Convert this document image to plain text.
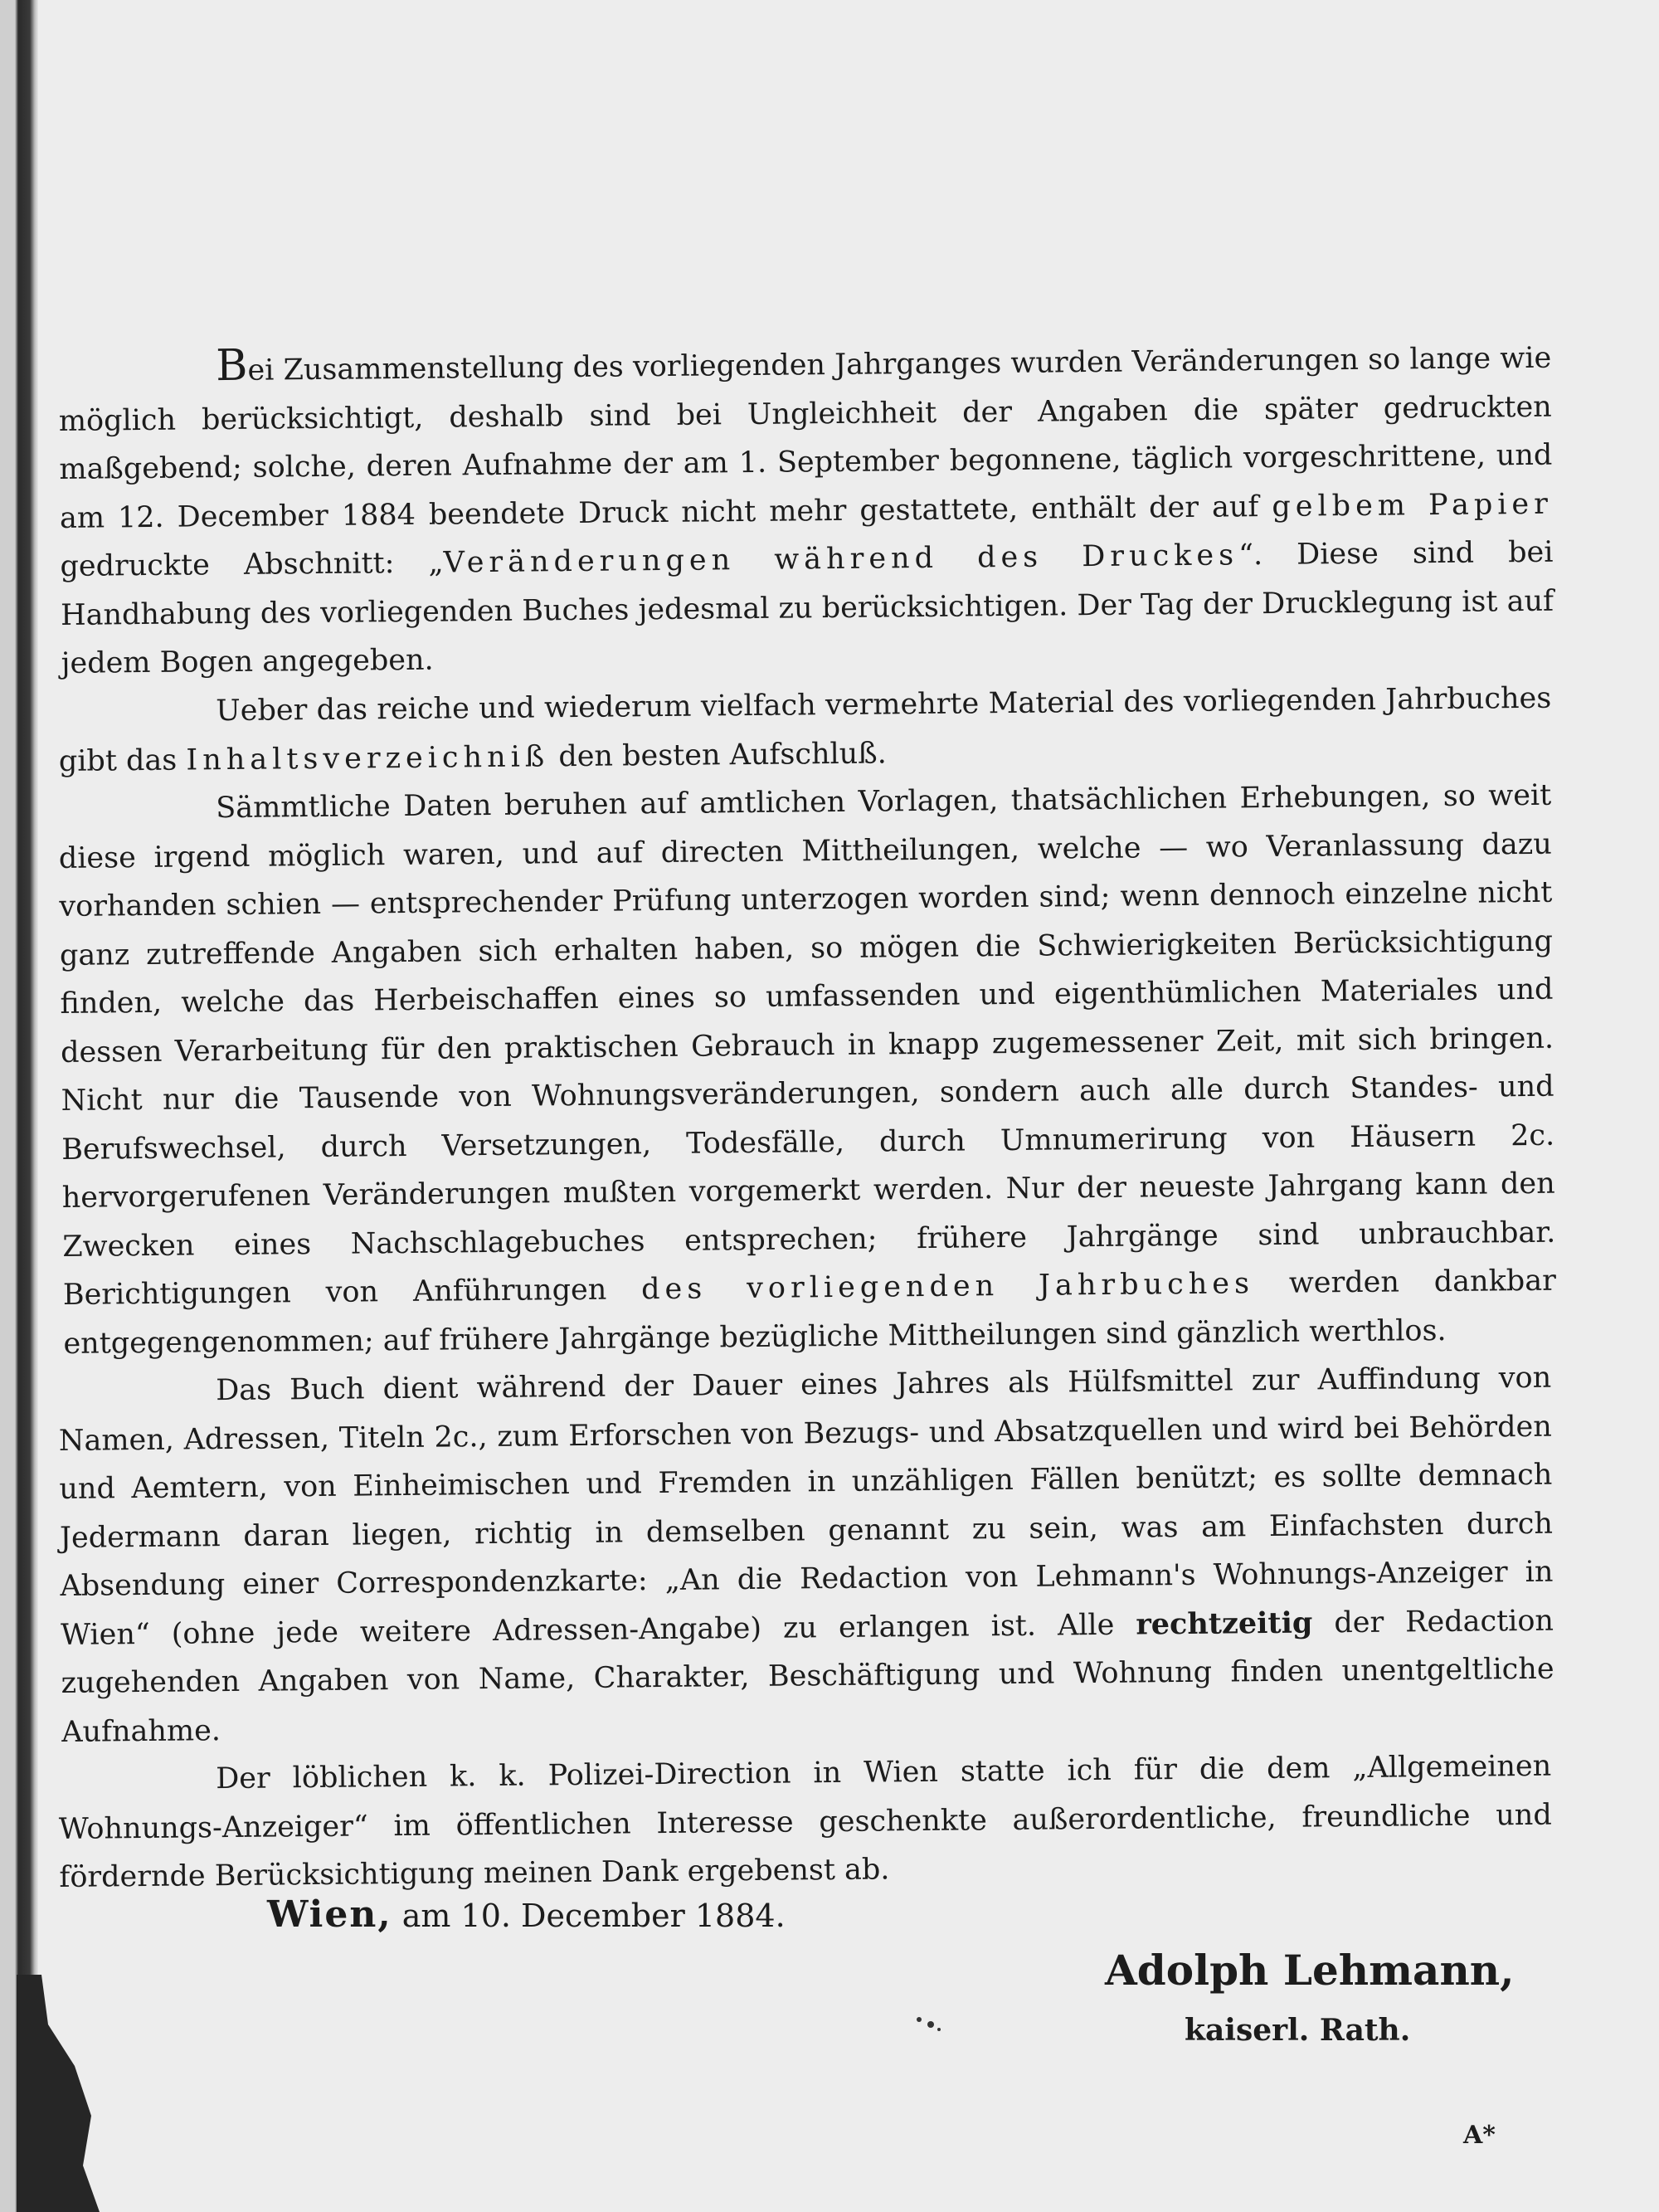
Bei Zusammenstellung des vorliegenden Jahrganges wurden Veränderungen so lange wie möglich berücksichtigt, deshalb sind bei Ungleichheit der Angaben die später gedruckten maßgebend; solche, deren Aufnahme der am 1. September begonnene, täglich vorgeschrittene, und am 12. December 1884 beendete Druck nicht mehr gestattete, enthält der auf gelbem Papier gedruckte Abschnitt: „Veränderungen während des Druckes“. Diese sind bei Handhabung des vorliegenden Buches jedesmal zu berücksichtigen. Der Tag der Drucklegung ist auf jedem Bogen angegeben.

Ueber das reiche und wiederum vielfach vermehrte Material des vorliegenden Jahrbuches gibt das Inhaltsverzeichniß den besten Aufschluß.

Sämmtliche Daten beruhen auf amtlichen Vorlagen, thatsächlichen Erhebungen, so weit diese irgend möglich waren, und auf directen Mittheilungen, welche — wo Veranlassung dazu vorhanden schien — entsprechender Prüfung unterzogen worden sind; wenn dennoch einzelne nicht ganz zutreffende Angaben sich erhalten haben, so mögen die Schwierigkeiten Berücksichtigung finden, welche das Herbeischaffen eines so umfassenden und eigenthümlichen Materiales und dessen Verarbeitung für den praktischen Gebrauch in knapp zugemessener Zeit, mit sich bringen. Nicht nur die Tausende von Wohnungsveränderungen, sondern auch alle durch Standes- und Berufswechsel, durch Versetzungen, Todesfälle, durch Umnumerirung von Häusern 2c. hervorgerufenen Veränderungen mußten vorgemerkt werden. Nur der neueste Jahrgang kann den Zwecken eines Nachschlagebuches entsprechen; frühere Jahrgänge sind unbrauchbar. Berichtigungen von Anführungen des vorliegenden Jahrbuches werden dankbar entgegengenommen; auf frühere Jahrgänge bezügliche Mittheilungen sind gänzlich werthlos.

Das Buch dient während der Dauer eines Jahres als Hülfsmittel zur Auffindung von Namen, Adressen, Titeln 2c., zum Erforschen von Bezugs- und Absatzquellen und wird bei Behörden und Aemtern, von Einheimischen und Fremden in unzähligen Fällen benützt; es sollte demnach Jedermann daran liegen, richtig in demselben genannt zu sein, was am Einfachsten durch Absendung einer Correspondenzkarte: „An die Redaction von Lehmann's Wohnungs-Anzeiger in Wien“ (ohne jede weitere Adressen-Angabe) zu erlangen ist. Alle rechtzeitig der Redaction zugehenden Angaben von Name, Charakter, Beschäftigung und Wohnung finden unentgeltliche Aufnahme.

Der löblichen k. k. Polizei-Direction in Wien statte ich für die dem „Allgemeinen Wohnungs-Anzeiger“ im öffentlichen Interesse geschenkte außerordentliche, freundliche und fördernde Berücksichtigung meinen Dank ergebenst ab.

Wien, am 10. December 1884.
Adolph Lehmann,
kaiserl. Rath.
A*
